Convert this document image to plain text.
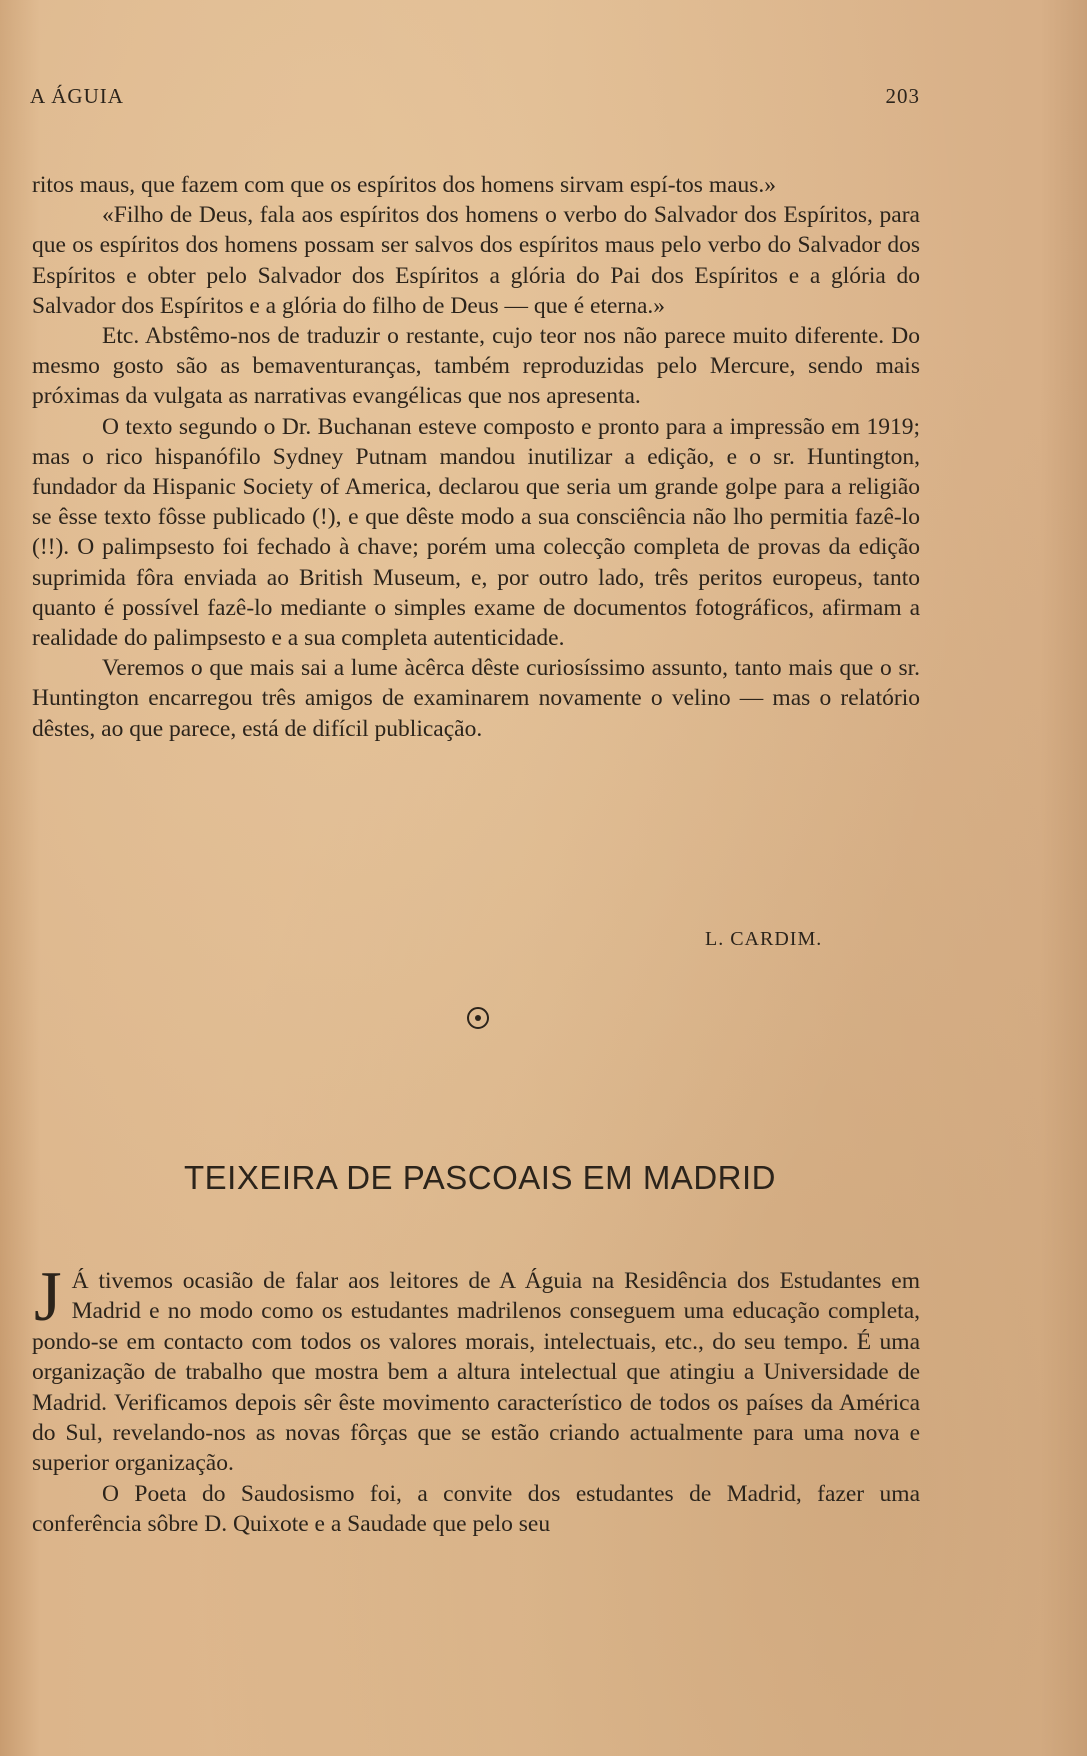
A ÁGUIA	203

ritos maus, que fazem com que os espíritos dos homens sirvam espí-tos maus.»

«Filho de Deus, fala aos espíritos dos homens o verbo do Salvador dos Espíritos, para que os espíritos dos homens possam ser salvos dos espíritos maus pelo verbo do Salvador dos Espíritos e obter pelo Salvador dos Espíritos a glória do Pai dos Espíritos e a glória do Salvador dos Espíritos e a glória do filho de Deus — que é eterna.»

Etc. Abstêmo-nos de traduzir o restante, cujo teor nos não parece muito diferente. Do mesmo gosto são as bemaventuranças, também reproduzidas pelo Mercure, sendo mais próximas da vulgata as narrativas evangélicas que nos apresenta.

O texto segundo o Dr. Buchanan esteve composto e pronto para a impressão em 1919; mas o rico hispanófilo Sydney Putnam mandou inutilizar a edição, e o sr. Huntington, fundador da Hispanic Society of America, declarou que seria um grande golpe para a religião se êsse texto fôsse publicado (!), e que dêste modo a sua consciência não lho permitia fazê-lo (!!). O palimpsesto foi fechado à chave; porém uma colecção completa de provas da edição suprimida fôra enviada ao British Museum, e, por outro lado, três peritos europeus, tanto quanto é possível fazê-lo mediante o simples exame de documentos fotográficos, afirmam a realidade do palimpsesto e a sua completa autenticidade.

Veremos o que mais sai a lume àcêrca dêste curiosíssimo assunto, tanto mais que o sr. Huntington encarregou três amigos de examinarem novamente o velino — mas o relatório dêstes, ao que parece, está de difícil publicação.

L. CARDIM.
TEIXEIRA DE PASCOAIS EM MADRID

J Á tivemos ocasião de falar aos leitores de A Águia na Residência dos Estudantes em Madrid e no modo como os estudantes madrilenos conseguem uma educação completa, pondo-se em contacto com todos os valores morais, intelectuais, etc., do seu tempo. É uma organização de trabalho que mostra bem a altura intelectual que atingiu a Universidade de Madrid. Verificamos depois sêr êste movimento característico de todos os países da América do Sul, revelando-nos as novas fôrças que se estão criando actualmente para uma nova e superior organização.

O Poeta do Saudosismo foi, a convite dos estudantes de Madrid, fazer uma conferência sôbre D. Quixote e a Saudade que pelo seu
